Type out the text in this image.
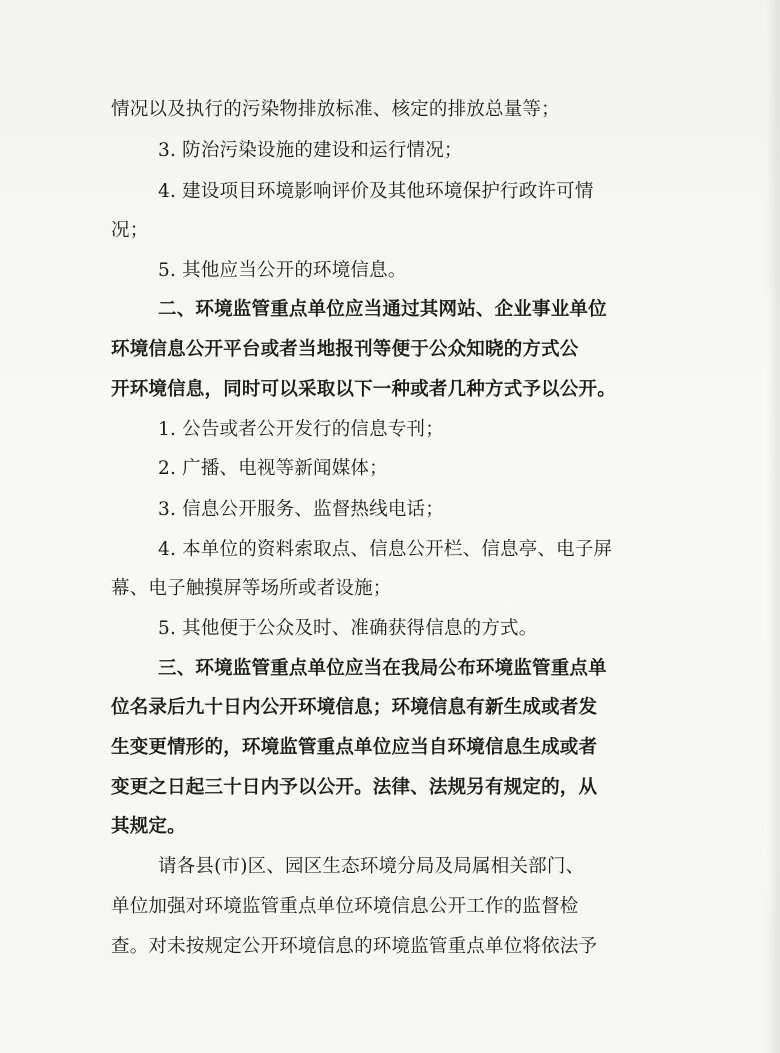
情况以及执行的污染物排放标准、核定的排放总量等；
3. 防治污染设施的建设和运行情况；
4. 建设项目环境影响评价及其他环境保护行政许可情
况；
5. 其他应当公开的环境信息。
二、环境监管重点单位应当通过其网站、企业事业单位
环境信息公开平台或者当地报刊等便于公众知晓的方式公
开环境信息，同时可以采取以下一种或者几种方式予以公开。
1. 公告或者公开发行的信息专刊；
2. 广播、电视等新闻媒体；
3. 信息公开服务、监督热线电话；
4. 本单位的资料索取点、信息公开栏、信息亭、电子屏
幕、电子触摸屏等场所或者设施；
5. 其他便于公众及时、准确获得信息的方式。
三、环境监管重点单位应当在我局公布环境监管重点单
位名录后九十日内公开环境信息；环境信息有新生成或者发
生变更情形的，环境监管重点单位应当自环境信息生成或者
变更之日起三十日内予以公开。法律、法规另有规定的，从
其规定。
请各县(市)区、园区生态环境分局及局属相关部门、
单位加强对环境监管重点单位环境信息公开工作的监督检
查。对未按规定公开环境信息的环境监管重点单位将依法予
